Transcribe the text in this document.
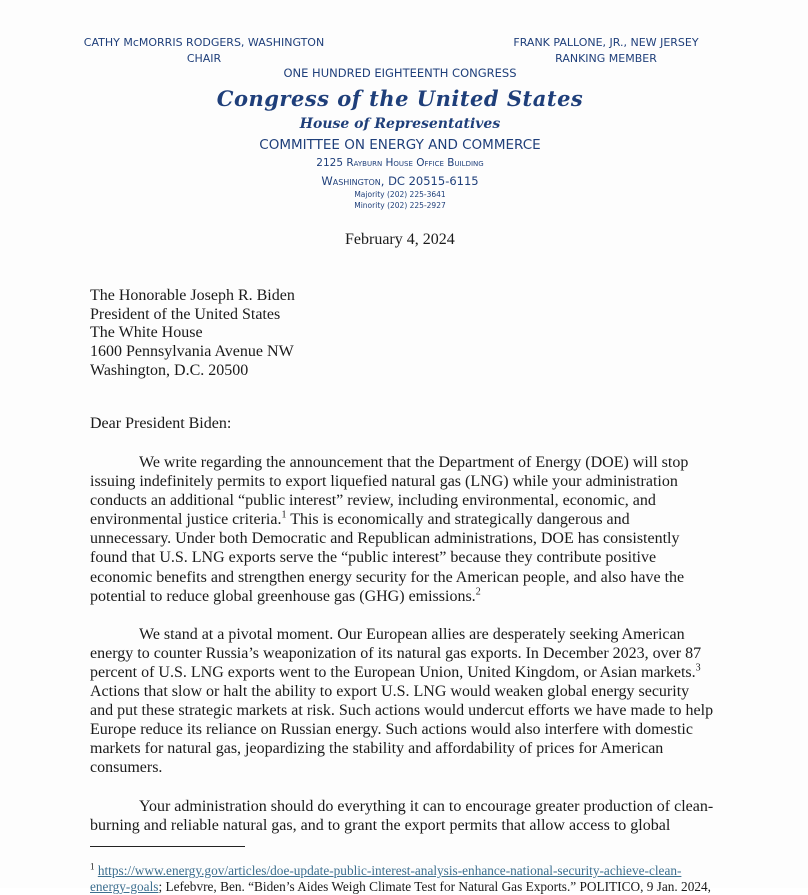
CATHY McMORRIS RODGERS, WASHINGTON
CHAIR
FRANK PALLONE, JR., NEW JERSEY
RANKING MEMBER
ONE HUNDRED EIGHTEENTH CONGRESS
Congress of the United States
House of Representatives
COMMITTEE ON ENERGY AND COMMERCE
2125 Rayburn House Office Building
Washington, DC 20515-6115
Majority (202) 225-3641
Minority (202) 225-2927
February 4, 2024
The Honorable Joseph R. Biden
President of the United States
The White House
1600 Pennsylvania Avenue NW
Washington, D.C. 20500
Dear President Biden:

We write regarding the announcement that the Department of Energy (DOE) will stop
issuing indefinitely permits to export liquefied natural gas (LNG) while your administration
conducts an additional “public interest” review, including environmental, economic, and
environmental justice criteria.$^1$ This is economically and strategically dangerous and
unnecessary. Under both Democratic and Republican administrations, DOE has consistently
found that U.S. LNG exports serve the “public interest” because they contribute positive
economic benefits and strengthen energy security for the American people, and also have the
potential to reduce global greenhouse gas (GHG) emissions.$^2$

We stand at a pivotal moment. Our European allies are desperately seeking American
energy to counter Russia’s weaponization of its natural gas exports. In December 2023, over 87
percent of U.S. LNG exports went to the European Union, United Kingdom, or Asian markets.$^3$
Actions that slow or halt the ability to export U.S. LNG would weaken global energy security
and put these strategic markets at risk. Such actions would undercut efforts we have made to help
Europe reduce its reliance on Russian energy. Such actions would also interfere with domestic
markets for natural gas, jeopardizing the stability and affordability of prices for American
consumers.

Your administration should do everything it can to encourage greater production of clean-
burning and reliable natural gas, and to grant the export permits that allow access to global

$^1$ https://www.energy.gov/articles/doe-update-public-interest-analysis-enhance-national-security-achieve-clean-
energy-goals; Lefebvre, Ben. “Biden’s Aides Weigh Climate Test for Natural Gas Exports.” POLITICO, 9 Jan. 2024,
